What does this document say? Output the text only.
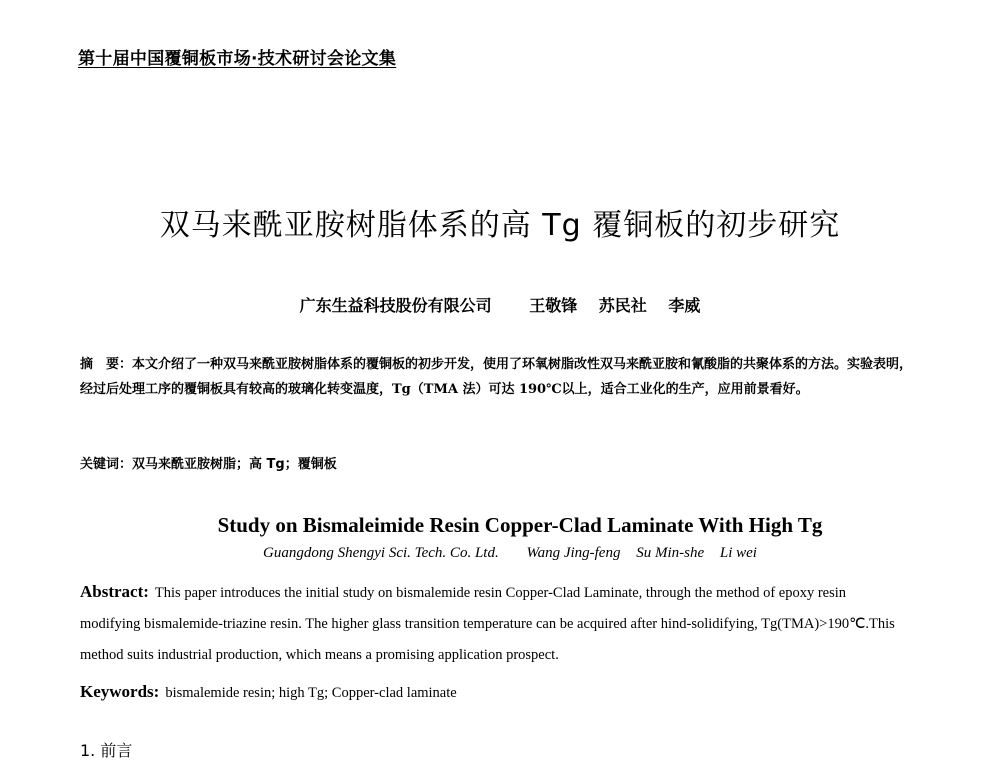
第十届中国覆铜板市场·技术研讨会论文集
双马来酰亚胺树脂体系的高 Tg 覆铜板的初步研究
广东生益科技股份有限公司 王敬锋 苏民社 李威
摘　要：本文介绍了一种双马来酰亚胺树脂体系的覆铜板的初步开发，使用了环氧树脂改性双马来酰亚胺和氰酸脂的共聚体系的方法。实验表明，经过后处理工序的覆铜板具有较高的玻璃化转变温度，Tg（TMA 法）可达 190℃以上，适合工业化的生产，应用前景看好。
关键词：双马来酰亚胺树脂；高 Tg；覆铜板
Study on Bismaleimide Resin Copper-Clad Laminate With High Tg
Guangdong Shengyi Sci. Tech. Co. Ltd. Wang Jing-feng Su Min-she Li wei
Abstract: This paper introduces the initial study on bismalemide resin Copper-Clad Laminate, through the method of epoxy resin modifying bismalemide-triazine resin. The higher glass transition temperature can be acquired after hind-solidifying, Tg(TMA)>190℃.This method suits industrial production, which means a promising application prospect.
Keywords: bismalemide resin; high Tg; Copper-clad laminate
1. 前言
